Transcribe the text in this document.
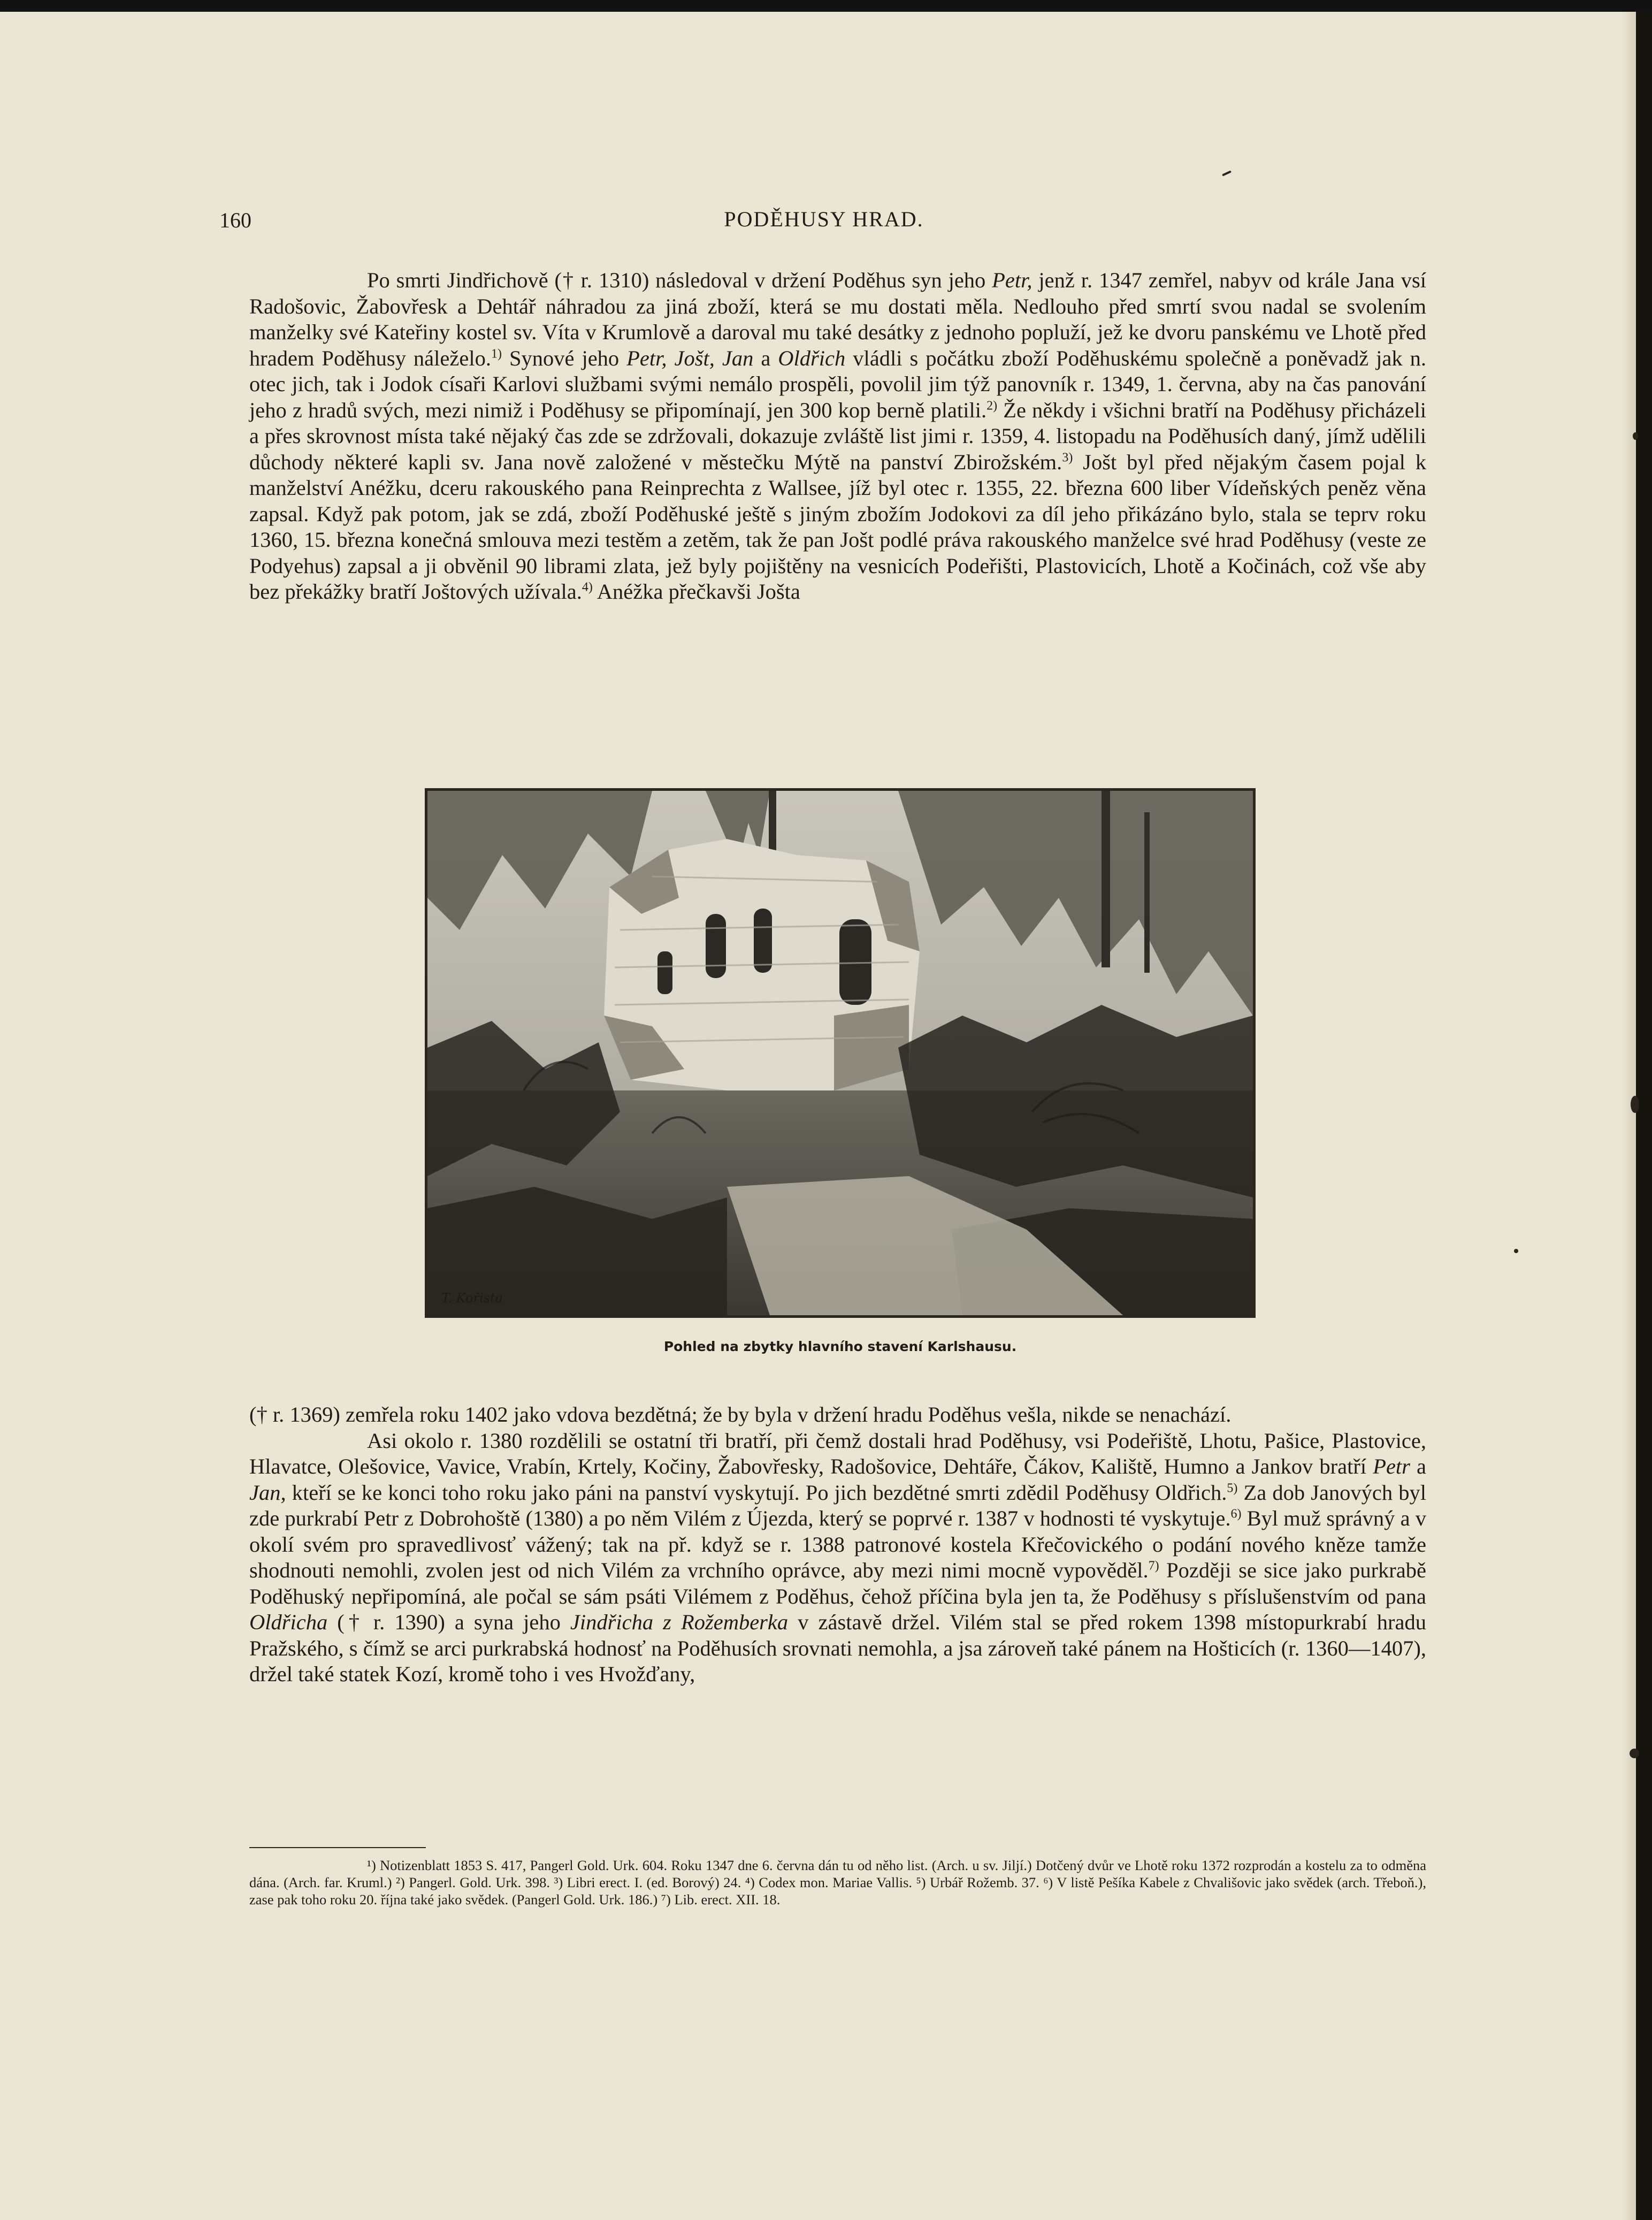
160	PODĚHUSY HRAD.

Po smrti Jindřichově († r. 1310) následoval v držení Poděhus syn jeho Petr, jenž r. 1347 zemřel, nabyv od krále Jana vsí Radošovic, Žabovřesk a Dehtář náhradou za jiná zboží, která se mu dostati měla. Nedlouho před smrtí svou nadal se svolením manželky své Kateřiny kostel sv. Víta v Krumlově a daroval mu také desátky z jednoho popluží, jež ke dvoru panskému ve Lhotě před hradem Poděhusy náleželo.$^{1)}$ Synové jeho Petr, Jošt, Jan a Oldřich vládli s počátku zboží Poděhuskému společně a poněvadž jak n. otec jich, tak i Jodok císaři Karlovi službami svými nemálo prospěli, povolil jim týž panovník r. 1349, 1. června, aby na čas panování jeho z hradů svých, mezi nimiž i Poděhusy se připomínají, jen 300 kop berně platili.$^{2)}$ Že někdy i všichni bratří na Poděhusy přicházeli a přes skrovnost místa také nějaký čas zde se zdržovali, dokazuje zvláště list jimi r. 1359, 4. listopadu na Poděhusích daný, jímž udělili důchody některé kapli sv. Jana nově založené v městečku Mýtě na panství Zbirožském.$^{3)}$ Jošt byl před nějakým časem pojal k manželství Anéžku, dceru rakouského pana Reinprechta z Wallsee, jíž byl otec r. 1355, 22. března 600 liber Vídeňských peněz věna zapsal. Když pak potom, jak se zdá, zboží Poděhuské ještě s jiným zbožím Jodokovi za díl jeho přikázáno bylo, stala se teprv roku 1360, 15. března konečná smlouva mezi testěm a zetěm, tak že pan Jošt podlé práva rakouského manželce své hrad Poděhusy (veste ze Podyehus) zapsal a ji obvěnil 90 librami zlata, jež byly pojištěny na vesnicích Podeřišti, Plastovicích, Lhotě a Kočinách, což vše aby bez překážky bratří Joštových užívala.$^{4)}$ Anéžka přečkavši Jošta

T. Kořista
Pohled na zbytky hlavního stavení Karlshausu.

(† r. 1369) zemřela roku 1402 jako vdova bezdětná; že by byla v držení hradu Poděhus vešla, nikde se nenachází.

Asi okolo r. 1380 rozdělili se ostatní tři bratří, při čemž dostali hrad Poděhusy, vsi Podeřiště, Lhotu, Pašice, Plastovice, Hlavatce, Olešovice, Vavice, Vrabín, Krtely, Kočiny, Žabovřesky, Radošovice, Dehtáře, Čákov, Kaliště, Humno a Jankov bratří Petr a Jan, kteří se ke konci toho roku jako páni na panství vyskytují. Po jich bezdětné smrti zdědil Poděhusy Oldřich.$^{5)}$ Za dob Janových byl zde purkrabí Petr z Dobrohoště (1380) a po něm Vilém z Újezda, který se poprvé r. 1387 v hodnosti té vyskytuje.$^{6)}$ Byl muž správný a v okolí svém pro spravedlivosť vážený; tak na př. když se r. 1388 patronové kostela Křečovického o podání nového kněze tamže shodnouti nemohli, zvolen jest od nich Vilém za vrchního oprávce, aby mezi nimi mocně vypověděl.$^{7)}$ Později se sice jako purkrabě Poděhuský nepřipomíná, ale počal se sám psáti Vilémem z Poděhus, čehož příčina byla jen ta, že Poděhusy s příslušenstvím od pana Oldřicha († r. 1390) a syna jeho Jindřicha z Rožemberka v zástavě držel. Vilém stal se před rokem 1398 místopurkrabí hradu Pražského, s čímž se arci purkrabská hodnosť na Poděhusích srovnati nemohla, a jsa zároveň také pánem na Hošticích (r. 1360—1407), držel také statek Kozí, kromě toho i ves Hvožďany,

¹) Notizenblatt 1853 S. 417, Pangerl Gold. Urk. 604. Roku 1347 dne 6. června dán tu od něho list. (Arch. u sv. Jiljí.) Dotčený dvůr ve Lhotě roku 1372 rozprodán a kostelu za to odměna dána. (Arch. far. Kruml.) ²) Pangerl. Gold. Urk. 398. ³) Libri erect. I. (ed. Borový) 24. ⁴) Codex mon. Mariae Vallis. ⁵) Urbář Rožemb. 37. ⁶) V listě Pešíka Kabele z Chvališovic jako svědek (arch. Třeboň.), zase pak toho roku 20. října také jako svědek. (Pangerl Gold. Urk. 186.) ⁷) Lib. erect. XII. 18.
